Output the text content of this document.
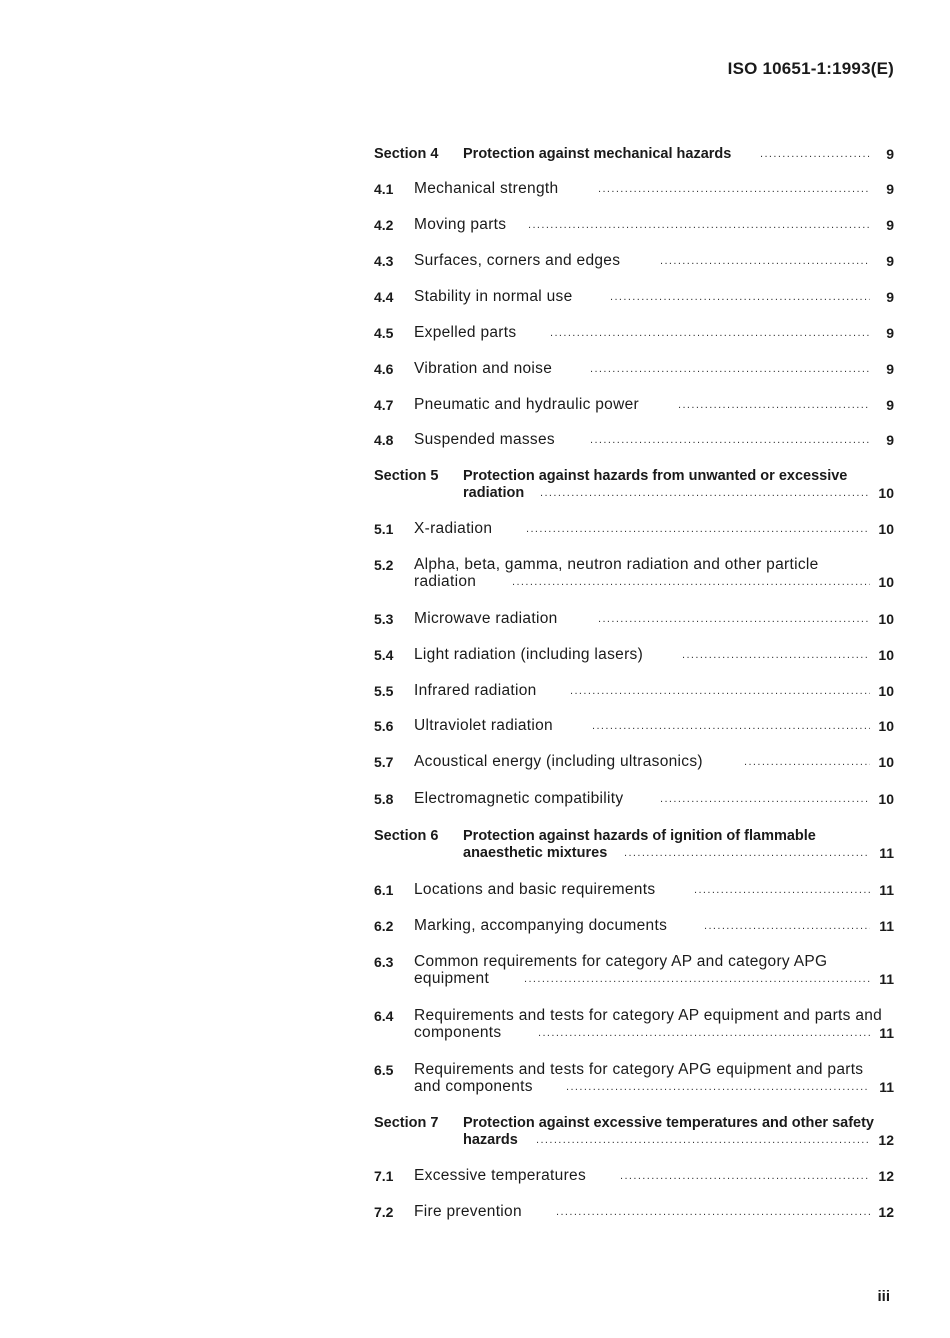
ISO 10651-1:1993(E)
Section 4 Protection against mechanical hazards .....	9
4.1 Mechanical strength .....	9
4.2 Moving parts .....	9
4.3 Surfaces, corners and edges .....	9
4.4 Stability in normal use .....	9
4.5 Expelled parts .....	9
4.6 Vibration and noise .....	9
4.7 Pneumatic and hydraulic power .....	9
4.8 Suspended masses .....	9
Section 5 Protection against hazards from unwanted or excessive
radiation .....	10
5.1 X-radiation .....	10
5.2 Alpha, beta, gamma, neutron radiation and other particle
radiation .....	10
5.3 Microwave radiation .....	10
5.4 Light radiation (including lasers) .....	10
5.5 Infrared radiation .....	10
5.6 Ultraviolet radiation .....	10
5.7 Acoustical energy (including ultrasonics) .....	10
5.8 Electromagnetic compatibility .....	10
Section 6 Protection against hazards of ignition of flammable
anaesthetic mixtures .....	11
6.1 Locations and basic requirements .....	11
6.2 Marking, accompanying documents .....	11
6.3 Common requirements for category AP and category APG
equipment .....	11
6.4 Requirements and tests for category AP equipment and parts and
components .....	11
6.5 Requirements and tests for category APG equipment and parts
and components .....	11
Section 7 Protection against excessive temperatures and other safety
hazards .....	12
7.1 Excessive temperatures .....	12
7.2 Fire prevention .....	12
iii
